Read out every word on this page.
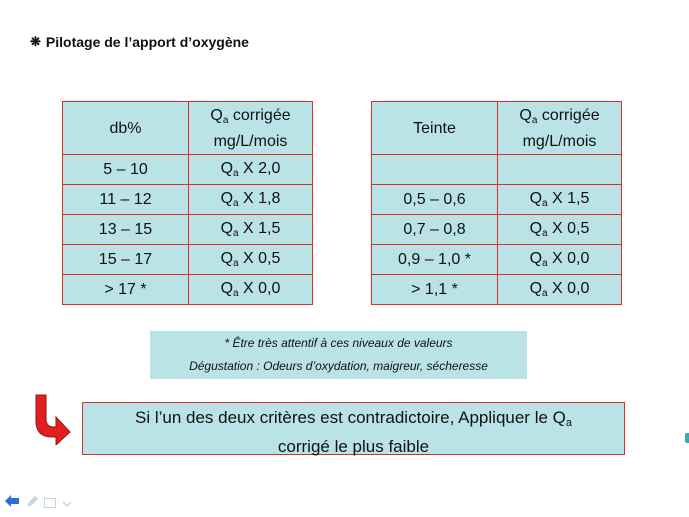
❋ Pilotage de l’apport d’oxygène
db%	$Q_a$ corrigée
mg/L/mois
5 – 10	$Q_a$ X 2,0
11 – 12	$Q_a$ X 1,8
13 – 15	$Q_a$ X 1,5
15 – 17	$Q_a$ X 0,5
> 17 *	$Q_a$ X 0,0
Teinte	$Q_a$ corrigée
mg/L/mois

0,5 – 0,6	$Q_a$ X 1,5
0,7 – 0,8	$Q_a$ X 0,5
0,9 – 1,0 *	$Q_a$ X 0,0
> 1,1 *	$Q_a$ X 0,0
* Être très attentif à ces niveaux de valeurs
Dégustation : Odeurs d’oxydation, maigreur, sécheresse
Si l’un des deux critères est contradictoire, Appliquer le $Q_a$
corrigé le plus faible
